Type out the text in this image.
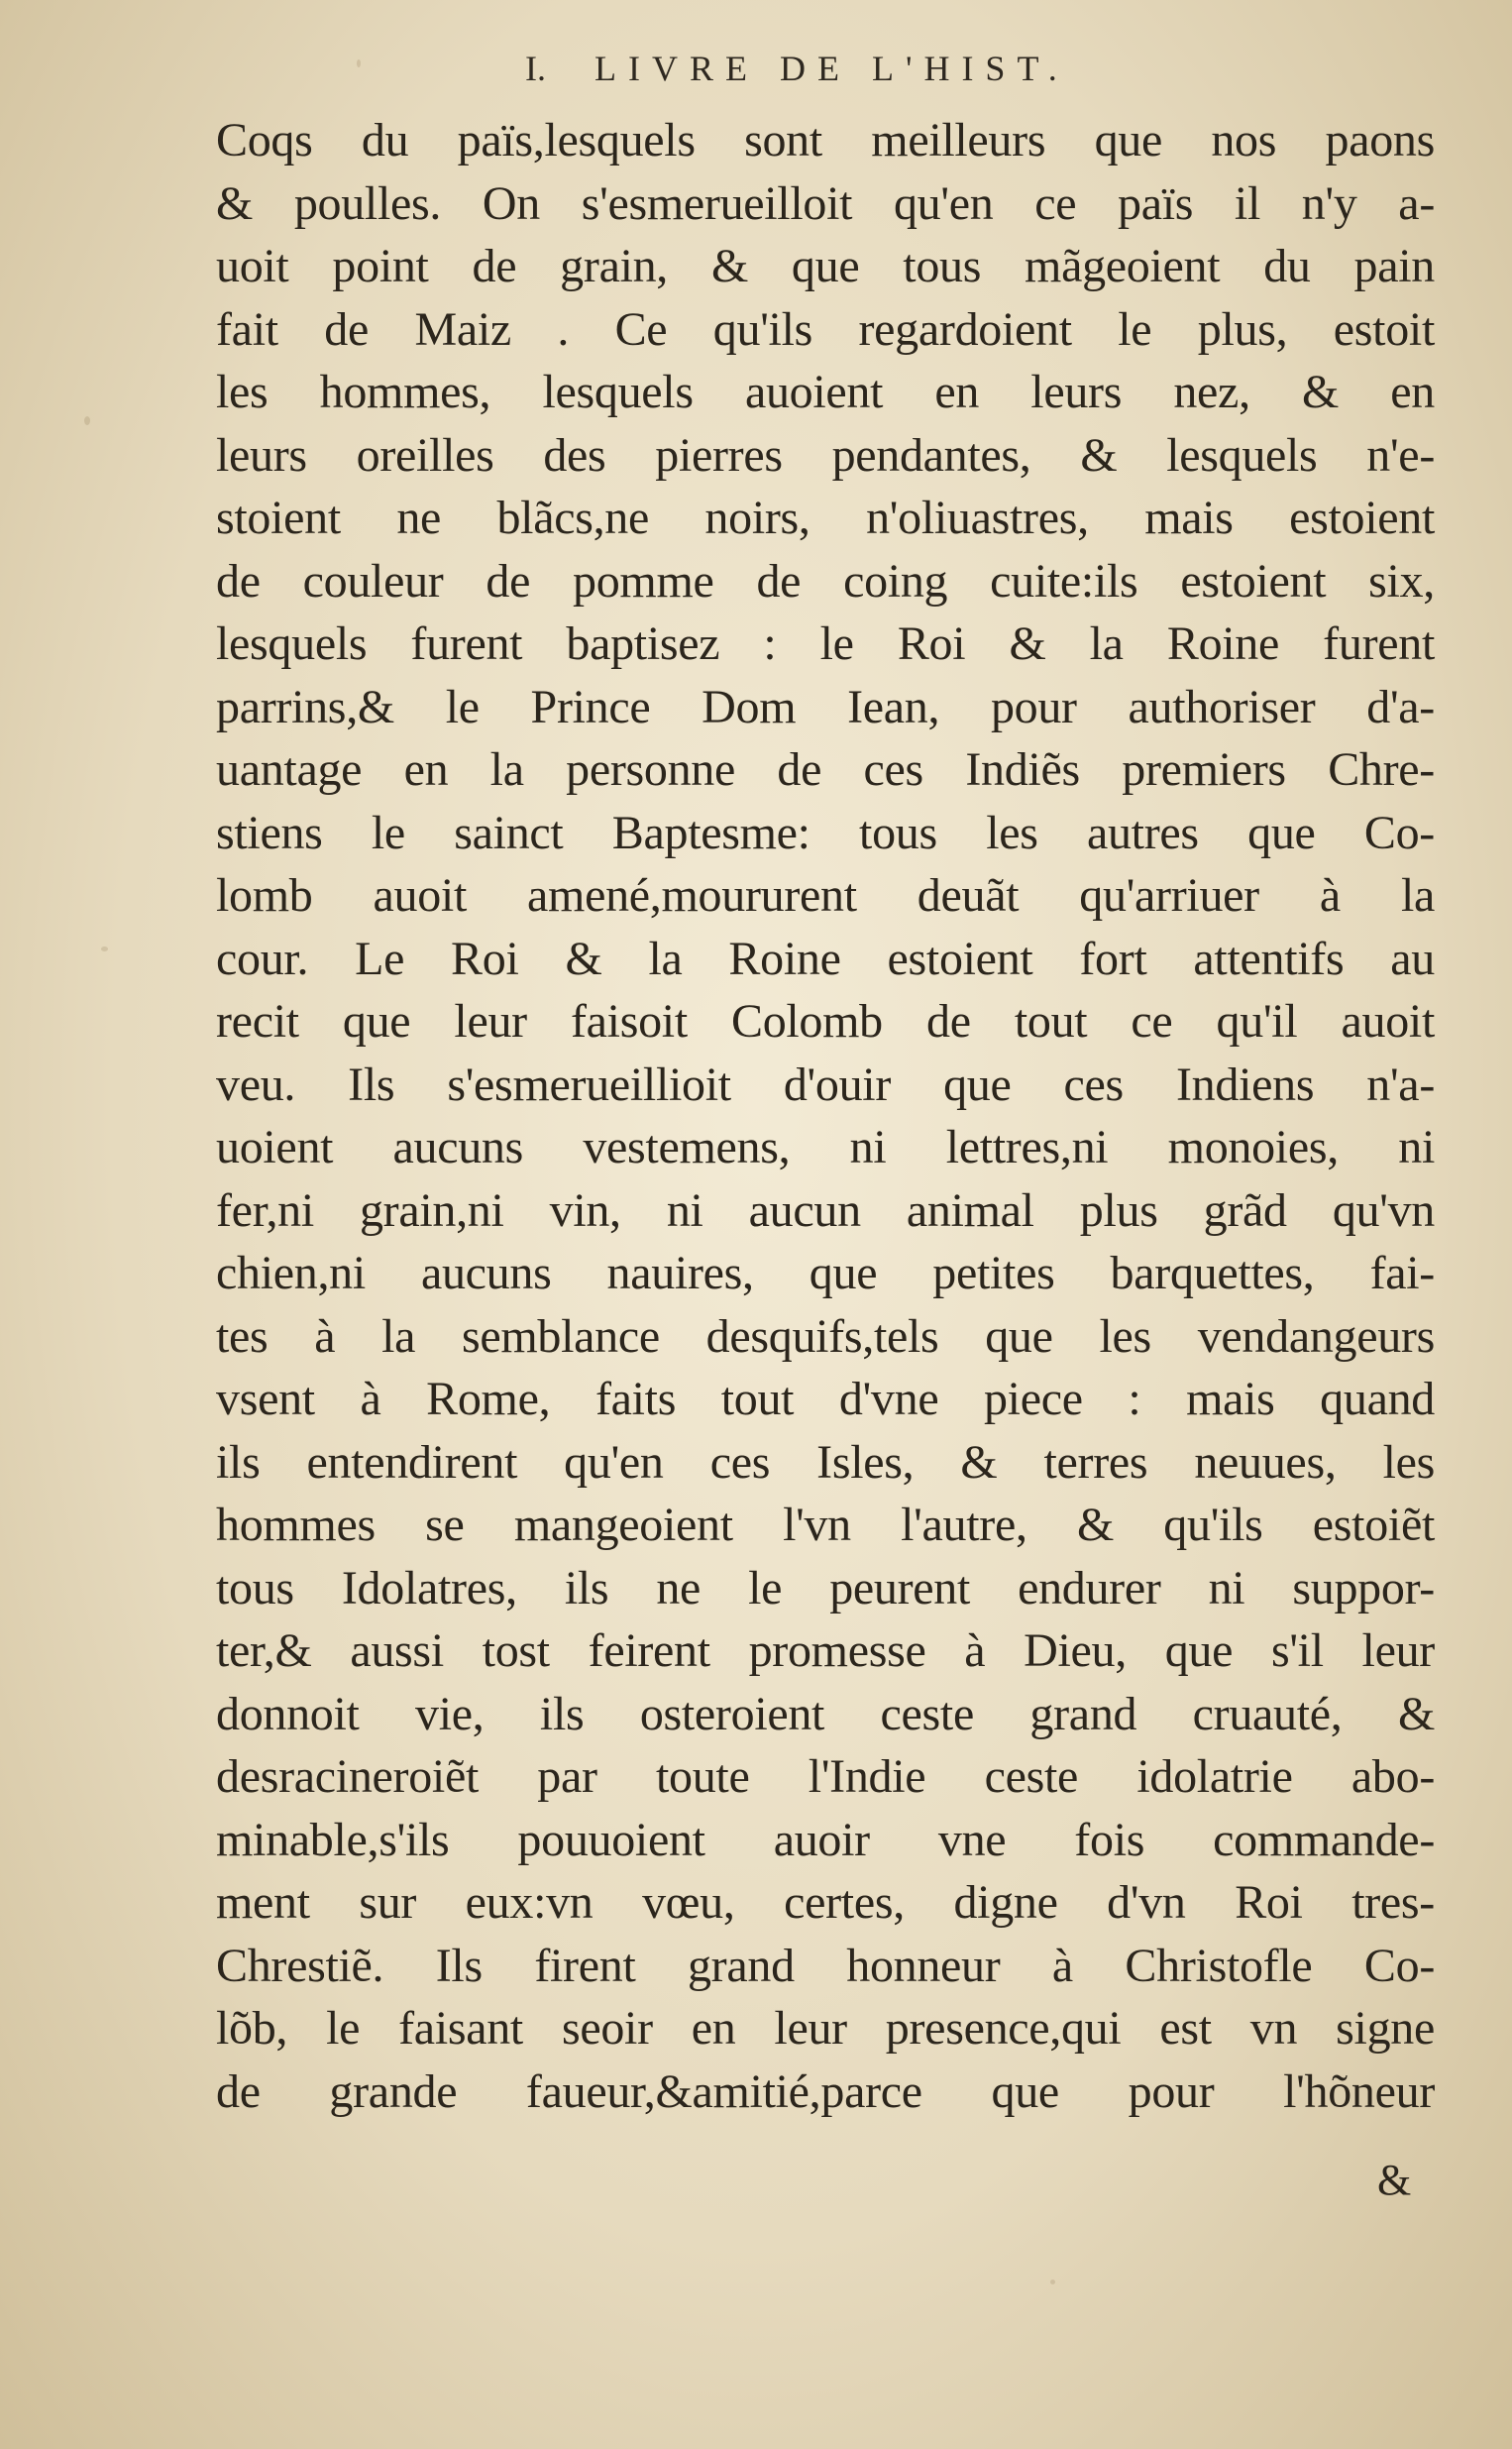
I. LIVRE DE L'HIST.
Coqs du païs,lesquels sont meilleurs que nos paons
& poulles. On s'esmerueilloit qu'en ce païs il n'y a-
uoit point de grain, & que tous mãgeoient du pain
fait de Maiz . Ce qu'ils regardoient le plus, estoit
les hommes, lesquels auoient en leurs nez, & en
leurs oreilles des pierres pendantes, & lesquels n'e-
stoient ne blãcs,ne noirs, n'oliuastres, mais estoient
de couleur de pomme de coing cuite:ils estoient six,
lesquels furent baptisez : le Roi & la Roine furent
parrins,& le Prince Dom Iean, pour authoriser d'a-
uantage en la personne de ces Indiẽs premiers Chre-
stiens le sainct Baptesme: tous les autres que Co-
lomb auoit amené,moururent deuãt qu'arriuer à la
cour. Le Roi & la Roine estoient fort attentifs au
recit que leur faisoit Colomb de tout ce qu'il auoit
veu. Ils s'esmerueillioit d'ouir que ces Indiens n'a-
uoient aucuns vestemens, ni lettres,ni monoies, ni
fer,ni grain,ni vin, ni aucun animal plus grãd qu'vn
chien,ni aucuns nauires, que petites barquettes, fai-
tes à la semblance desquifs,tels que les vendangeurs
vsent à Rome, faits tout d'vne piece : mais quand
ils entendirent qu'en ces Isles, & terres neuues, les
hommes se mangeoient l'vn l'autre, & qu'ils estoiẽt
tous Idolatres, ils ne le peurent endurer ni suppor-
ter,& aussi tost feirent promesse à Dieu, que s'il leur
donnoit vie, ils osteroient ceste grand cruauté, &
desracineroiẽt par toute l'Indie ceste idolatrie abo-
minable,s'ils pouuoient auoir vne fois commande-
ment sur eux:vn vœu, certes, digne d'vn Roi tres-
Chrestiẽ. Ils firent grand honneur à Christofle Co-
lõb, le faisant seoir en leur presence,qui est vn signe
de grande faueur,&amitié,parce que pour l'hõneur
&
